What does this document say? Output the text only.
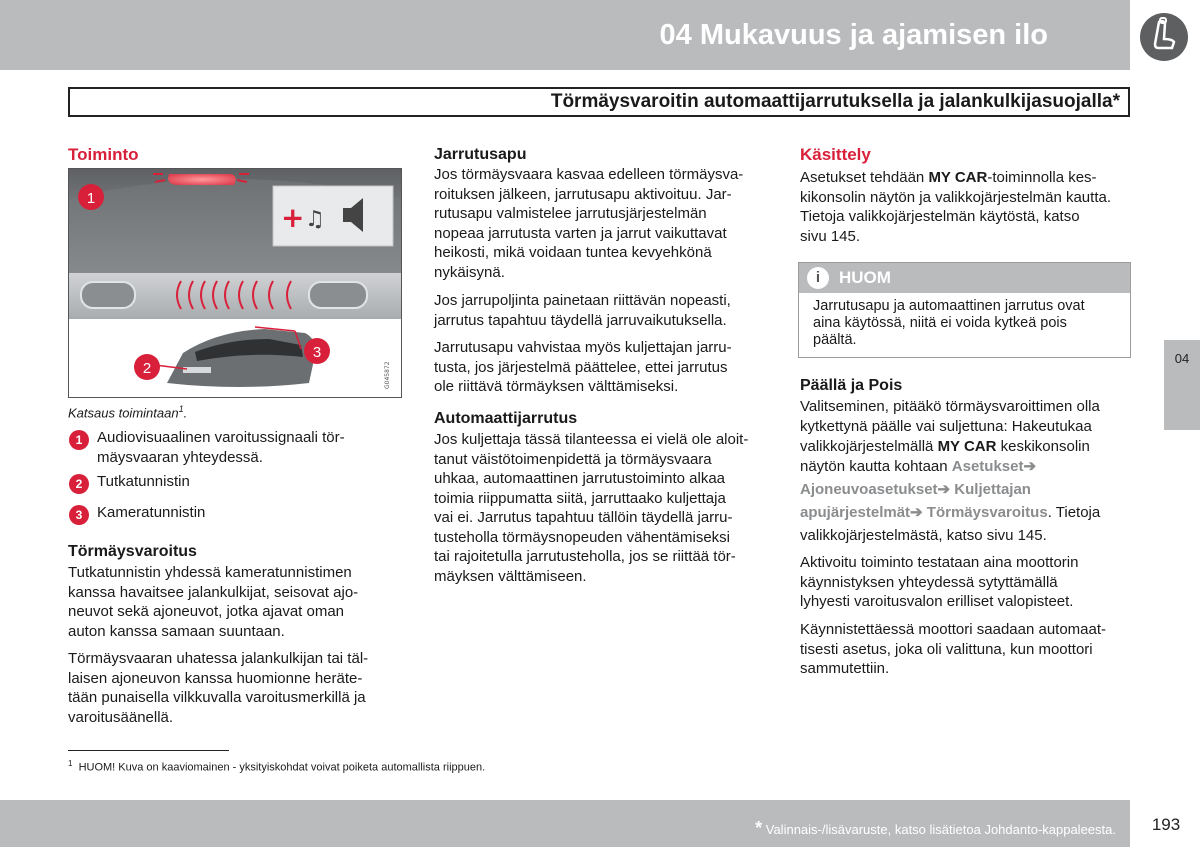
04 Mukavuus ja ajamisen ilo
Törmäysvaroitin automaattijarrutuksella ja jalankulkijasuojalla*
Toiminto
+ ♫
G045872
1
2
3
Katsaus toimintaan$^1$.
1 Audiovisuaalinen varoitussignaali tör-
mäysvaaran yhteydessä.
2 Tutkatunnistin
3 Kameratunnistin
Törmäysvaroitus
Tutkatunnistin yhdessä kameratunnistimen
kanssa havaitsee jalankulkijat, seisovat ajo-
neuvot sekä ajoneuvot, jotka ajavat oman
auton kanssa samaan suuntaan.
Törmäysvaaran uhatessa jalankulkijan tai täl-
laisen ajoneuvon kanssa huomionne heräte-
tään punaisella vilkkuvalla varoitusmerkillä ja
varoitusäänellä.
Jarrutusapu
Jos törmäysvaara kasvaa edelleen törmäysva-
roituksen jälkeen, jarrutusapu aktivoituu. Jar-
rutusapu valmistelee jarrutusjärjestelmän
nopeaa jarrutusta varten ja jarrut vaikuttavat
heikosti, mikä voidaan tuntea kevyehkönä
nykäisynä.
Jos jarrupoljinta painetaan riittävän nopeasti,
jarrutus tapahtuu täydellä jarruvaikutuksella.
Jarrutusapu vahvistaa myös kuljettajan jarru-
tusta, jos järjestelmä päättelee, ettei jarrutus
ole riittävä törmäyksen välttämiseksi.
Automaattijarrutus
Jos kuljettaja tässä tilanteessa ei vielä ole aloit-
tanut väistötoimenpidettä ja törmäysvaara
uhkaa, automaattinen jarrutustoiminto alkaa
toimia riippumatta siitä, jarruttaako kuljettaja
vai ei. Jarrutus tapahtuu tällöin täydellä jarru-
tusteholla törmäysnopeuden vähentämiseksi
tai rajoitetulla jarrutusteholla, jos se riittää tör-
mäyksen välttämiseen.
Käsittely
Asetukset tehdään MY CAR-toiminnolla kes-
kikonsolin näytön ja valikkojärjestelmän kautta.
Tietoja valikkojärjestelmän käytöstä, katso
sivu 145.
i	HUOM
Jarrutusapu ja automaattinen jarrutus ovat
aina käytössä, niitä ei voida kytkeä pois
päältä.
Päällä ja Pois
Valitseminen, pitääkö törmäysvaroittimen olla
kytkettynä päälle vai suljettuna: Hakeutukaa
valikkojärjestelmällä MY CAR keskikonsolin
näytön kautta kohtaan Asetukset➔
Ajoneuvoasetukset➔ Kuljettajan
apujärjestelmät➔ Törmäysvaroitus. Tietoja
valikkojärjestelmästä, katso sivu 145.
Aktivoitu toiminto testataan aina moottorin
käynnistyksen yhteydessä sytyttämällä
lyhyesti varoitusvalon erilliset valopisteet.
Käynnistettäessä moottori saadaan automaat-
tisesti asetus, joka oli valittuna, kun moottori
sammutettiin.
04
$^1$ HUOM! Kuva on kaaviomainen - yksityiskohdat voivat poiketa automallista riippuen.
* Valinnais-/lisävaruste, katso lisätietoa Johdanto-kappaleesta.	193
